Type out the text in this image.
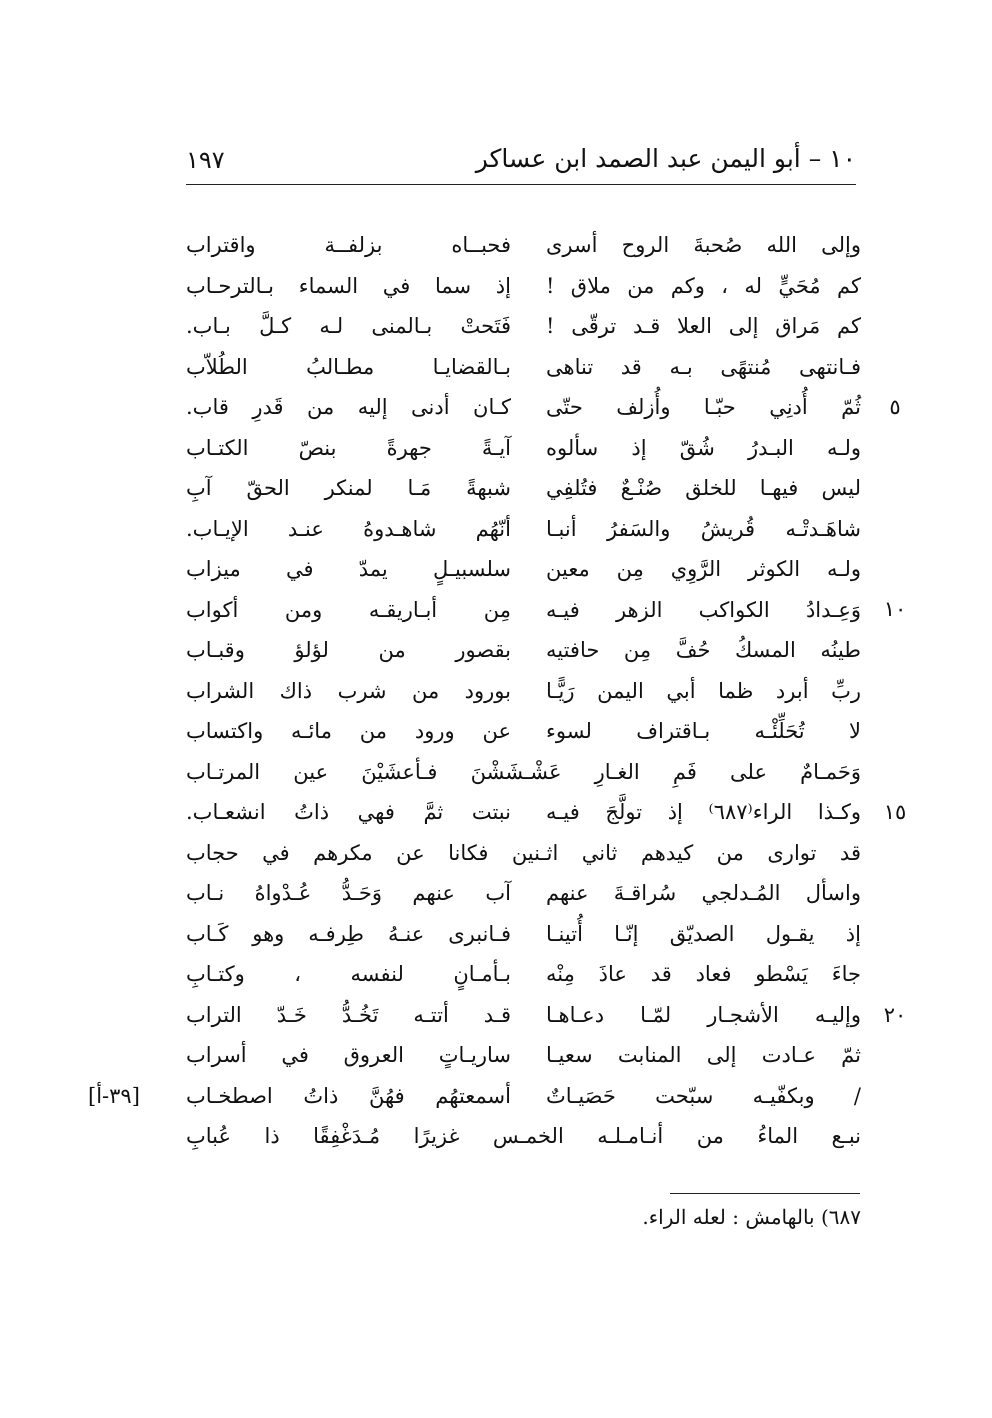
١٠ – أبو اليمن عبد الصمد ابن عساكر
١٩٧
وإلى الله صُحبةَ الروح أسرى
فحبــاه بزلفــة واقتراب
كم مُحَيٍّ له ، وكم من ملاق !
إذ سما في السماء بـالترحـاب
كم مَراق إلى العلا قـد ترقّى !
فَتَحتْ بـالمنى لـه كـلَّ بـاب.
فـانتهى مُنتهًى بـه قد تناهى
بـالقضايـا مطـالبُ الطُلاّب
ثُمّ أُدنِي حبّـا وأُزلف حتّى
كـان أدنى إليه من قَدرِ قاب.
ولـه البـدرُ شُقّ إذ سألوه
آيـةً جهرةً بنصّ الكتـاب
ليس فيهـا للخلق صُنْـعٌ فتُلفِي
شبهةً مَـا لمنكر الحقّ آبِ
شاهَـدتْـه قُريشُ والسَفرُ أنبـا
أنّهُم شاهـدوهُ عنـد الإيـاب.
ولـه الكوثر الرَّوِي مِن معين
سلسبيـلٍ يمدّ في ميزاب
وَعِـدادُ الكواكب الزهر فيـه
مِن أبـاريقـه ومن أكواب
طينُه المسكُ حُفَّ مِن حافتيه
بقصور من لؤلؤ وقبـاب
ربِّ أبرد ظما أبي اليمن رَيًّـا
بورود من شرب ذاك الشراب
لا تُحَلِّئْـه بـاقتراف لسوء
عن ورود من مائـه واكتساب
وَحَمـامٌ على فَمِ الغـارِ عَشْـشَشْنَ فـأعشَيْنَ عين المرتـاب
وكـذا الراء⁽٦٨٧⁾ إذ تولَّجَ فيـه
نبتت ثمَّ فهي ذاتُ انشعـاب.
قد توارى من كيدهم ثاني اثـنين فكانا عن مكرهم في حجاب
واسأل المُـدلجي سُراقـةَ عنهم
آب عنهم وَحَـدُّ عُـدْواهُ نـاب
إذ يقـول الصديّق إنّـا أُتينـا
فـانبرى عنـهُ طِرفـه وهو كَـاب
جاءَ يَسْطو فعاد قد عاذَ مِنْه
بـأمـانٍ لنفسه ، وكتـابِ
وإليـه الأشجـار لمّـا دعـاهـا
قـد أتتـه تَخُـدُّ خَـدّ التراب
ثمّ عـادت إلى المنابت سعيـا
ساريـاتٍ العروق في أسراب
/ وبكفّيـه سبّحت حَصَيـاتٌ
أسمعتهُم فهُنَّ ذاتُ اصطخـاب
نبـع الماءُ من أنـامـلـه الخمـس غزيرًا مُـدَغْفِقًا ذا عُبابِ
٥
١٠
١٥
٢٠
[٣٩-أ]
٦٨٧) بالهامش : لعله الراء.
